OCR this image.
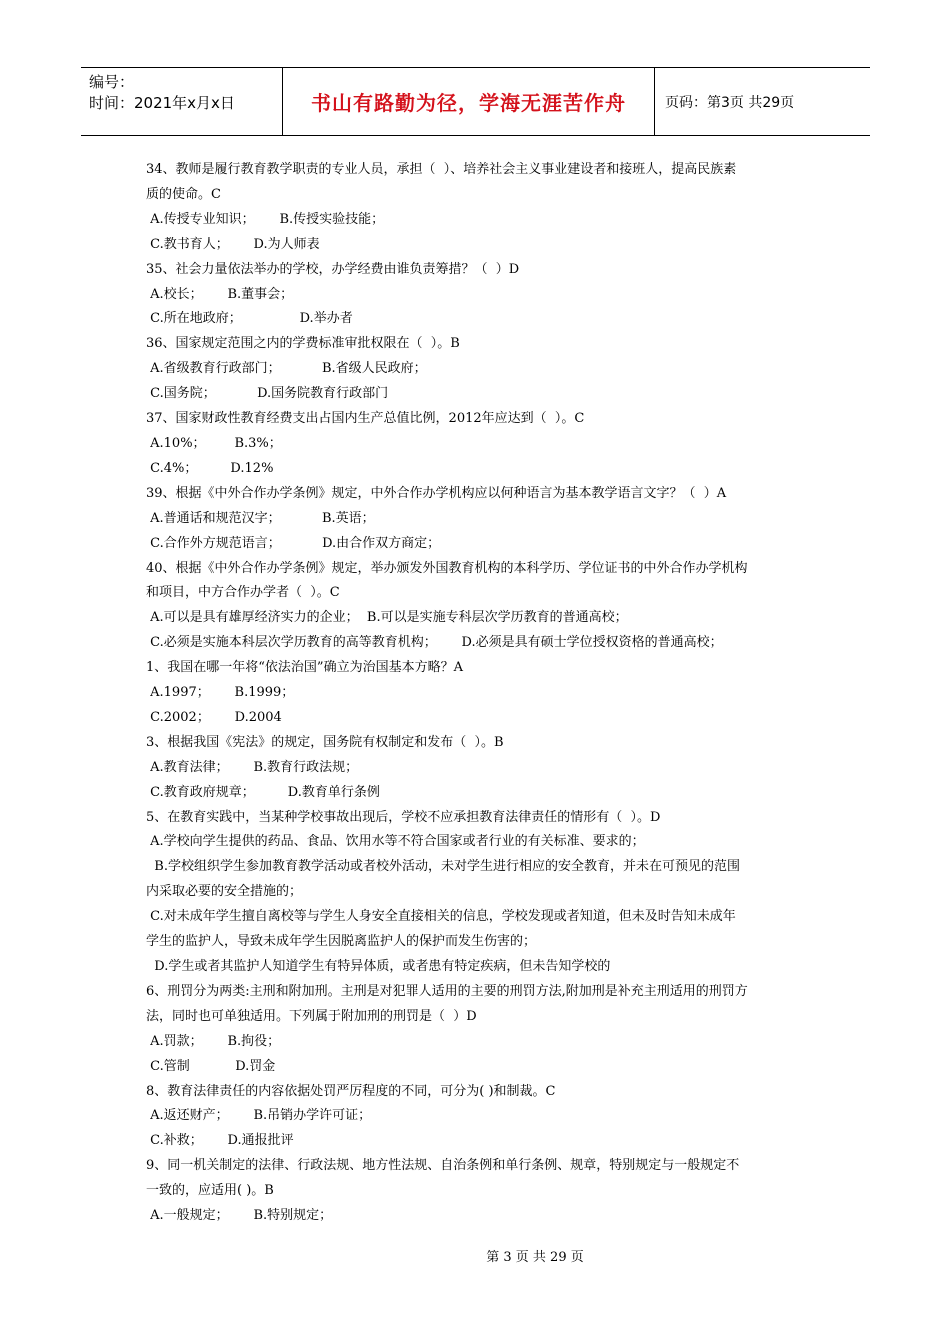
编号：
时间：2021年x月x日	书山有路勤为径，学海无涯苦作舟	页码：第3页 共29页
34、教师是履行教育教学职责的专业人员，承担（  ）、培养社会主义事业建设者和接班人，提高民族素
质的使命。C
A.传授专业知识；      B.传授实验技能；
C.教书育人；      D.为人师表
35、社会力量依法举办的学校，办学经费由谁负责筹措？（  ）D
A.校长；      B.董事会；
C.所在地政府；              D.举办者
36、国家规定范围之内的学费标准审批权限在（  ）。B
A.省级教育行政部门；          B.省级人民政府；
C.国务院；          D.国务院教育行政部门
37、国家财政性教育经费支出占国内生产总值比例，2012年应达到（  ）。C
A.10%；       B.3%；
C.4%；        D.12%
39、根据《中外合作办学条例》规定，中外合作办学机构应以何种语言为基本教学语言文字？（  ）A
A.普通话和规范汉字；          B.英语；
C.合作外方规范语言；          D.由合作双方商定；
40、根据《中外合作办学条例》规定，举办颁发外国教育机构的本科学历、学位证书的中外合作办学机构
和项目，中方合作办学者（  ）。C
A.可以是具有雄厚经济实力的企业；  B.可以是实施专科层次学历教育的普通高校；
C.必须是实施本科层次学历教育的高等教育机构；      D.必须是具有硕士学位授权资格的普通高校；
1、我国在哪一年将“依法治国”确立为治国基本方略？A
A.1997；      B.1999；
C.2002；      D.2004
3、根据我国《宪法》的规定，国务院有权制定和发布（  ）。B
A.教育法律；      B.教育行政法规；
C.教育政府规章；        D.教育单行条例
5、在教育实践中，当某种学校事故出现后，学校不应承担教育法律责任的情形有（  ）。D
A.学校向学生提供的药品、食品、饮用水等不符合国家或者行业的有关标准、要求的；
B.学校组织学生参加教育教学活动或者校外活动，未对学生进行相应的安全教育，并未在可预见的范围
内采取必要的安全措施的；
C.对未成年学生擅自离校等与学生人身安全直接相关的信息，学校发现或者知道，但未及时告知未成年
学生的监护人，导致未成年学生因脱离监护人的保护而发生伤害的；
D.学生或者其监护人知道学生有特异体质，或者患有特定疾病，但未告知学校的
6、刑罚分为两类:主刑和附加刑。主刑是对犯罪人适用的主要的刑罚方法,附加刑是补充主刑适用的刑罚方
法，同时也可单独适用。下列属于附加刑的刑罚是（  ）D
A.罚款；      B.拘役；
C.管制           D.罚金
8、教育法律责任的内容依据处罚严厉程度的不同，可分为( )和制裁。C
A.返还财产；      B.吊销办学许可证；
C.补救；      D.通报批评
9、同一机关制定的法律、行政法规、地方性法规、自治条例和单行条例、规章，特别规定与一般规定不
一致的，应适用( )。B
A.一般规定；      B.特别规定；
第 3 页 共 29 页
